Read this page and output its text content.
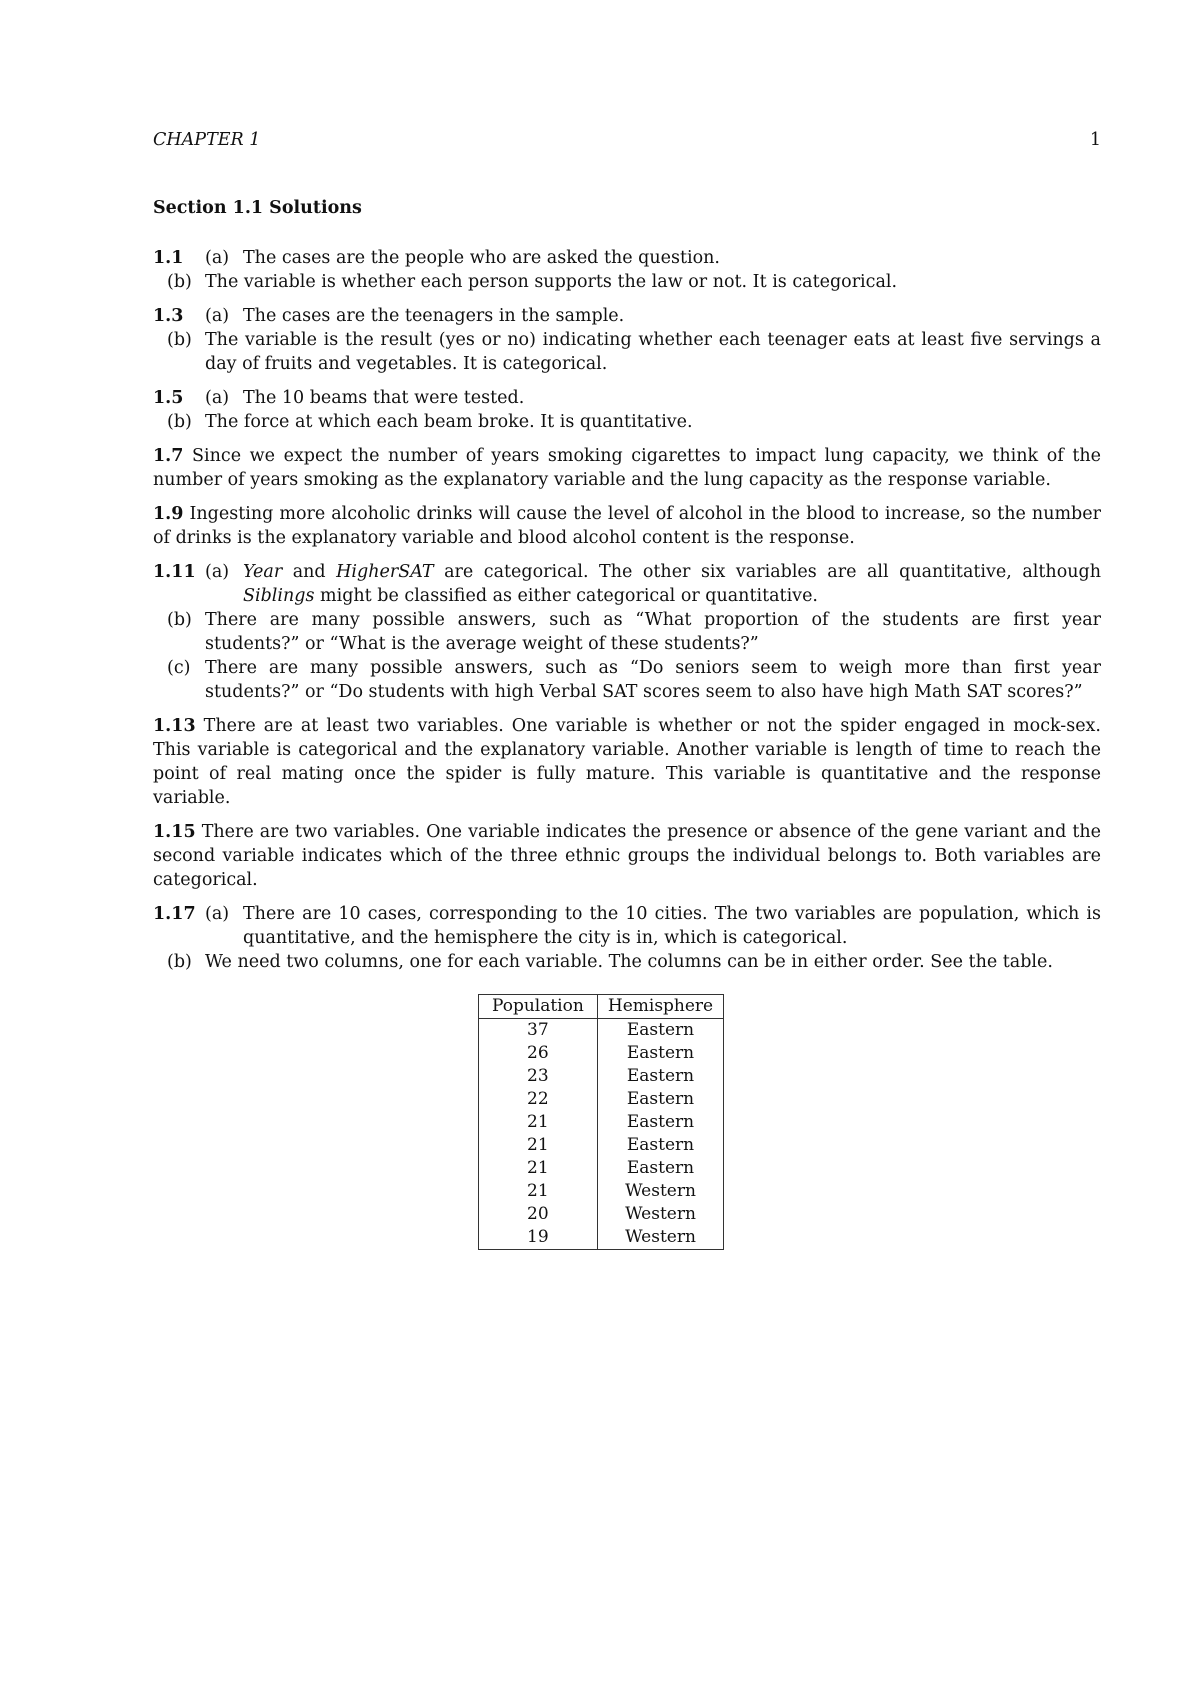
CHAPTER 1	1
Section 1.1 Solutions
1.1	(a) The cases are the people who are asked the question.
(b) The variable is whether each person supports the law or not. It is categorical.
1.3	(a) The cases are the teenagers in the sample.
(b) The variable is the result (yes or no) indicating whether each teenager eats at least five servings a day of fruits and vegetables. It is categorical.
1.5	(a) The 10 beams that were tested.
(b) The force at which each beam broke. It is quantitative.
1.7 Since we expect the number of years smoking cigarettes to impact lung capacity, we think of the number of years smoking as the explanatory variable and the lung capacity as the response variable.
1.9 Ingesting more alcoholic drinks will cause the level of alcohol in the blood to increase, so the number of drinks is the explanatory variable and blood alcohol content is the response.
1.11 (a) Year and HigherSAT are categorical. The other six variables are all quantitative, although Siblings might be classified as either categorical or quantitative.
(b) There are many possible answers, such as “What proportion of the students are first year students?” or “What is the average weight of these students?”
(c) There are many possible answers, such as “Do seniors seem to weigh more than first year students?” or “Do students with high Verbal SAT scores seem to also have high Math SAT scores?”
1.13 There are at least two variables. One variable is whether or not the spider engaged in mock-sex. This variable is categorical and the explanatory variable. Another variable is length of time to reach the point of real mating once the spider is fully mature. This variable is quantitative and the response variable.
1.15 There are two variables. One variable indicates the presence or absence of the gene variant and the second variable indicates which of the three ethnic groups the individual belongs to. Both variables are categorical.
1.17 (a) There are 10 cases, corresponding to the 10 cities. The two variables are population, which is quantitative, and the hemisphere the city is in, which is categorical.
(b) We need two columns, one for each variable. The columns can be in either order. See the table.
Population	Hemisphere
37	Eastern
26	Eastern
23	Eastern
22	Eastern
21	Eastern
21	Eastern
21	Eastern
21	Western
20	Western
19	Western
